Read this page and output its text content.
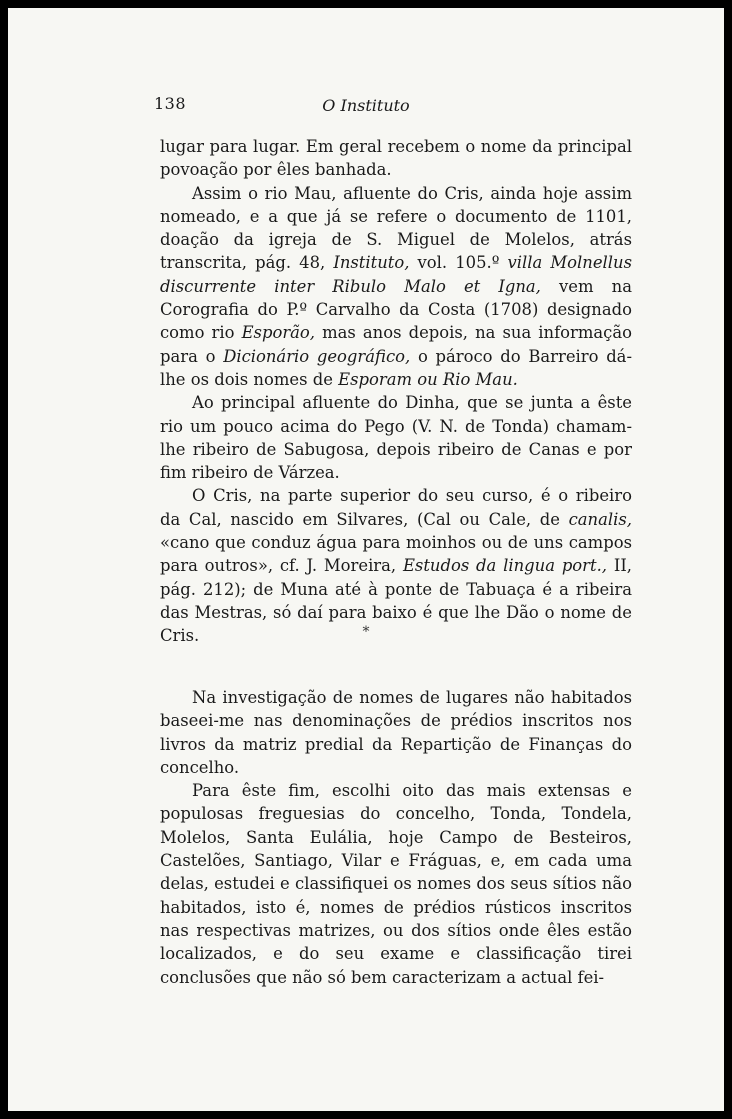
138	O Instituto

lugar para lugar. Em geral recebem o nome da principal povoação por êles banhada.

Assim o rio Mau, afluente do Cris, ainda hoje assim nomeado, e a que já se refere o documento de 1101, doação da igreja de S. Miguel de Molelos, atrás transcrita, pág. 48, Instituto, vol. 105.º villa Molnellus discurrente inter Ribulo Malo et Igna, vem na Corografia do P.º Carvalho da Costa (1708) designado como rio Esporão, mas anos depois, na sua informação para o Dicionário geográfico, o pároco do Barreiro dá-lhe os dois nomes de Esporam ou Rio Mau.

Ao principal afluente do Dinha, que se junta a êste rio um pouco acima do Pego (V. N. de Tonda) chamam-lhe ribeiro de Sabugosa, depois ribeiro de Canas e por fim ribeiro de Várzea.

O Cris, na parte superior do seu curso, é o ribeiro da Cal, nascido em Silvares, (Cal ou Cale, de canalis, «cano que conduz água para moinhos ou de uns campos para outros», cf. J. Moreira, Estudos da lingua port., II, pág. 212); de Muna até à ponte de Tabuaça é a ribeira das Mestras, só daí para baixo é que lhe Dão o nome de Cris.	*

Na investigação de nomes de lugares não habitados baseei-me nas denominações de prédios inscritos nos livros da matriz predial da Repartição de Finanças do concelho.

Para êste fim, escolhi oito das mais extensas e populosas freguesias do concelho, Tonda, Tondela, Molelos, Santa Eulália, hoje Campo de Besteiros, Castelões, Santiago, Vilar e Fráguas, e, em cada uma delas, estudei e classifiquei os nomes dos seus sítios não habitados, isto é, nomes de prédios rústicos inscritos nas respectivas matrizes, ou dos sítios onde êles estão localizados, e do seu exame e classificação tirei conclusões que não só bem caracterizam a actual fei-
